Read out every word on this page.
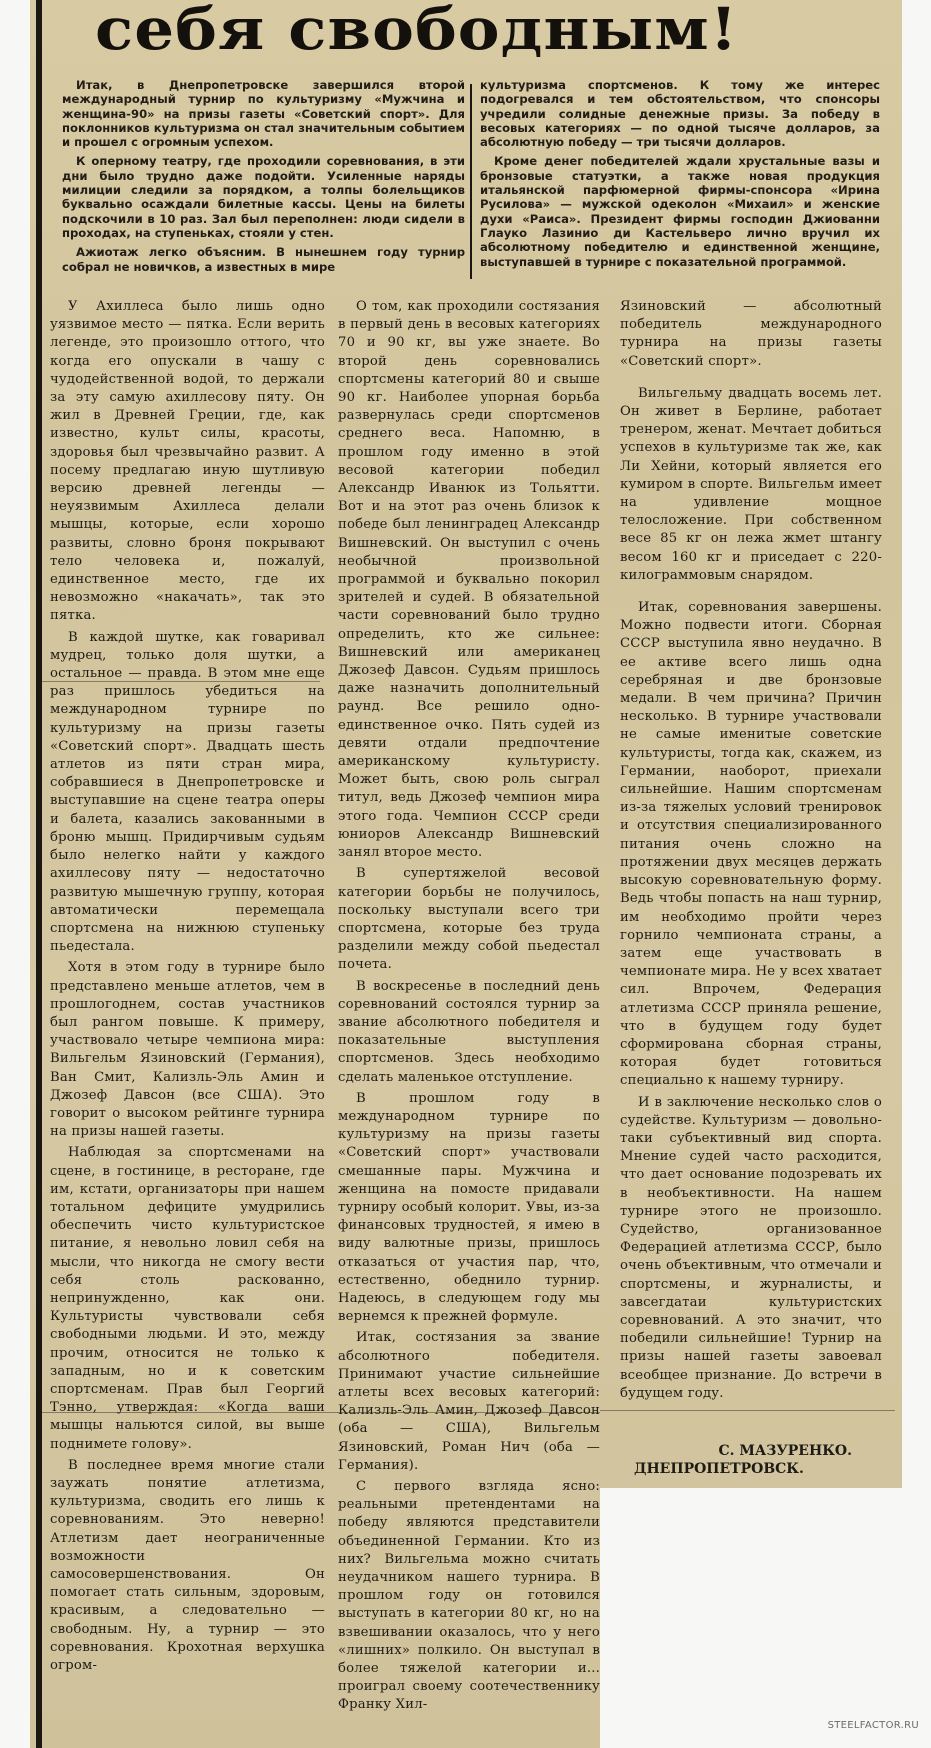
себя свободным!

Итак, в Днепропетровске завершился второй международный турнир по культуризму «Мужчина и женщина-90» на призы газеты «Советский спорт». Для поклонников культуризма он стал значительным событием и прошел с огромным успехом.

К оперному театру, где проходили соревнования, в эти дни было трудно даже подойти. Усиленные наряды милиции следили за порядком, а толпы болельщиков буквально осаждали билетные кассы. Цены на билеты подскочили в 10 раз. Зал был переполнен: люди сидели в проходах, на ступеньках, стояли у стен.

Ажиотаж легко объясним. В нынешнем году турнир собрал не новичков, а известных в мире

культуризма спортсменов. К тому же интерес подогревался и тем обстоятельством, что спонсоры учредили солидные денежные призы. За победу в весовых категориях — по одной тысяче долларов, за абсолютную победу — три тысячи долларов.

Кроме денег победителей ждали хрустальные вазы и бронзовые статуэтки, а также новая продукция итальянской парфюмерной фирмы-спонсора «Ирина Русилова» — мужской одеколон «Михаил» и женские духи «Раиса». Президент фирмы господин Джиованни Глауко Лазинио ди Кастельверо лично вручил их абсолютному победителю и единственной женщине, выступавшей в турнире с показательной программой.

У Ахиллеса было лишь одно уязвимое место — пятка. Если верить легенде, это произошло оттого, что когда его опускали в чашу с чудодейственной водой, то держали за эту самую ахиллесову пяту. Он жил в Древней Греции, где, как известно, культ силы, красоты, здоровья был чрезвычайно развит. А посему предлагаю иную шутливую версию древней легенды — неуязвимым Ахиллеса делали мышцы, которые, если хорошо развиты, словно броня покрывают тело человека и, пожалуй, единственное место, где их невозможно «накачать», так это пятка.

В каждой шутке, как говаривал мудрец, только доля шутки, а остальное — правда. В этом мне еще раз пришлось убедиться на международном турнире по культуризму на призы газеты «Советский спорт». Двадцать шесть атлетов из пяти стран мира, собравшиеся в Днепропетровске и выступавшие на сцене театра оперы и балета, казались закованными в броню мышц. Придирчивым судьям было нелегко найти у каждого ахиллесову пяту — недостаточно развитую мышечную группу, которая автоматически перемещала спортсмена на нижнюю ступеньку пьедестала.

Хотя в этом году в турнире было представлено меньше атлетов, чем в прошлогоднем, состав участников был рангом повыше. К примеру, участвовало четыре чемпиона мира: Вильгельм Язиновский (Германия), Ван Смит, Кализль-Эль Амин и Джозеф Давсон (все США). Это говорит о высоком рейтинге турнира на призы нашей газеты.

Наблюдая за спортсменами на сцене, в гостинице, в ресторане, где им, кстати, организаторы при нашем тотальном дефиците умудрились обеспечить чисто культуристское питание, я невольно ловил себя на мысли, что никогда не смогу вести себя столь раскованно, непринужденно, как они. Культуристы чувствовали себя свободными людьми. И это, между прочим, относится не только к западным, но и к советским спортсменам. Прав был Георгий Тэнно, утверждая: «Когда ваши мышцы нальются силой, вы выше поднимете голову».

В последнее время многие стали заужать понятие атлетизма, культуризма, сводить его лишь к соревнованиям. Это неверно! Атлетизм дает неограниченные возможности самосовершенствования. Он помогает стать сильным, здоровым, красивым, а следовательно — свободным. Ну, а турнир — это соревнования. Крохотная верхушка огром-

О том, как проходили состязания в первый день в весовых категориях 70 и 90 кг, вы уже знаете. Во второй день соревновались спортсмены категорий 80 и свыше 90 кг. Наиболее упорная борьба развернулась среди спортсменов среднего веса. Напомню, в прошлом году именно в этой весовой категории победил Александр Иванюк из Тольятти. Вот и на этот раз очень близок к победе был ленинградец Александр Вишневский. Он выступил с очень необычной произвольной программой и буквально покорил зрителей и судей. В обязательной части соревнований было трудно определить, кто же сильнее: Вишневский или американец Джозеф Давсон. Судьям пришлось даже назначить дополнительный раунд. Все решило одно-единственное очко. Пять судей из девяти отдали предпочтение американскому культуристу. Может быть, свою роль сыграл титул, ведь Джозеф чемпион мира этого года. Чемпион СССР среди юниоров Александр Вишневский занял второе место.

В супертяжелой весовой категории борьбы не получилось, поскольку выступали всего три спортсмена, которые без труда разделили между собой пьедестал почета.

В воскресенье в последний день соревнований состоялся турнир за звание абсолютного победителя и показательные выступления спортсменов. Здесь необходимо сделать маленькое отступление.

В прошлом году в международном турнире по культуризму на призы газеты «Советский спорт» участвовали смешанные пары. Мужчина и женщина на помосте придавали турниру особый колорит. Увы, из-за финансовых трудностей, я имею в виду валютные призы, пришлось отказаться от участия пар, что, естественно, обеднило турнир. Надеюсь, в следующем году мы вернемся к прежней формуле.

Итак, состязания за звание абсолютного победителя. Принимают участие сильнейшие атлеты всех весовых категорий: Кализль-Эль Амин, Джозеф Давсон (оба — США), Вильгельм Язиновский, Роман Нич (оба — Германия).

С первого взгляда ясно: реальными претендентами на победу являются представители объединенной Германии. Кто из них? Вильгельма можно считать неудачником нашего турнира. В прошлом году он готовился выступать в категории 80 кг, но на взвешивании оказалось, что у него «лишних» полкило. Он выступал в более тяжелой категории и... проиграл своему соотечественнику Франку Хил-

Язиновский — абсолютный победитель международного турнира на призы газеты «Советский спорт».

Вильгельму двадцать восемь лет. Он живет в Берлине, работает тренером, женат. Мечтает добиться успехов в культуризме так же, как Ли Хейни, который является его кумиром в спорте. Вильгельм имеет на удивление мощное телосложение. При собственном весе 85 кг он лежа жмет штангу весом 160 кг и приседает с 220-килограммовым снарядом.

Итак, соревнования завершены. Можно подвести итоги. Сборная СССР выступила явно неудачно. В ее активе всего лишь одна серебряная и две бронзовые медали. В чем причина? Причин несколько. В турнире участвовали не самые именитые советские культуристы, тогда как, скажем, из Германии, наоборот, приехали сильнейшие. Нашим спортсменам из-за тяжелых условий тренировок и отсутствия специализированного питания очень сложно на протяжении двух месяцев держать высокую соревновательную форму. Ведь чтобы попасть на наш турнир, им необходимо пройти через горнило чемпионата страны, а затем еще участвовать в чемпионате мира. Не у всех хватает сил. Впрочем, Федерация атлетизма СССР приняла решение, что в будущем году будет сформирована сборная страны, которая будет готовиться специально к нашему турниру.

И в заключение несколько слов о судействе. Культуризм — довольно-таки субъективный вид спорта. Мнение судей часто расходится, что дает основание подозревать их в необъективности. На нашем турнире этого не произошло. Судейство, организованное Федерацией атлетизма СССР, было очень объективным, что отмечали и спортсмены, и журналисты, и завсегдатаи культуристских соревнований. А это значит, что победили сильнейшие! Турнир на призы нашей газеты завоевал всеобщее признание. До встречи в будущем году.

С. МАЗУРЕНКО.
ДНЕПРОПЕТРОВСК.
STEELFACTOR.RU
